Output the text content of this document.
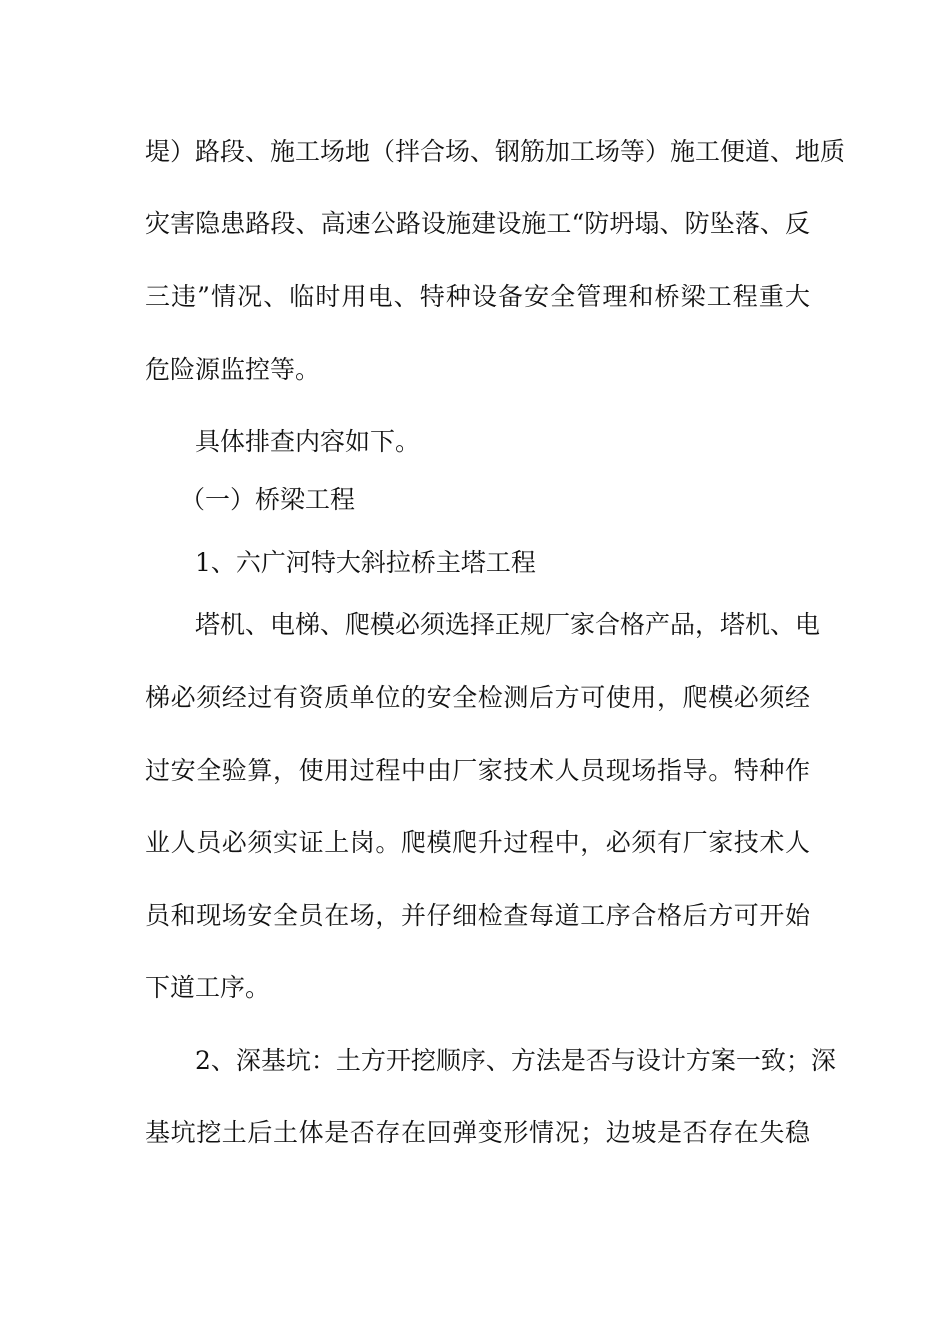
堤）路段、施工场地（拌合场、钢筋加工场等）施工便道、地质
灾害隐患路段、高速公路设施建设施工“防坍塌、防坠落、反
三违”情况、临时用电、特种设备安全管理和桥梁工程重大
危险源监控等。
具体排查内容如下。
（一）桥梁工程
1、六广河特大斜拉桥主塔工程
塔机、电梯、爬模必须选择正规厂家合格产品，塔机、电
梯必须经过有资质单位的安全检测后方可使用，爬模必须经
过安全验算，使用过程中由厂家技术人员现场指导。特种作
业人员必须实证上岗。爬模爬升过程中，必须有厂家技术人
员和现场安全员在场，并仔细检查每道工序合格后方可开始
下道工序。
2、深基坑：土方开挖顺序、方法是否与设计方案一致；深
基坑挖土后土体是否存在回弹变形情况；边坡是否存在失稳
